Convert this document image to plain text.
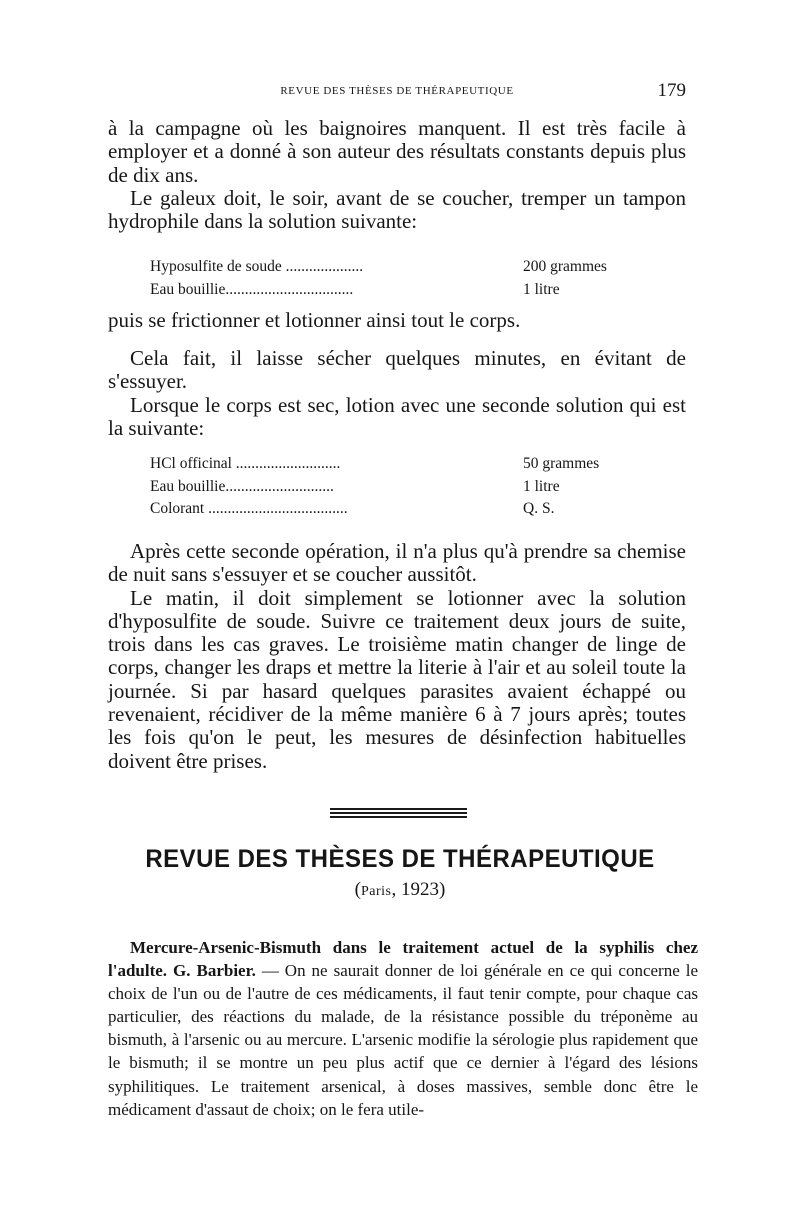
REVUE DES THÈSES DE THÉRAPEUTIQUE	179

à la campagne où les baignoires manquent. Il est très facile à employer et a donné à son auteur des résultats constants depuis plus de dix ans.

Le galeux doit, le soir, avant de se coucher, tremper un tampon hydrophile dans la solution suivante:

Hyposulfite de soude ....................	200 grammes
Eau bouillie.................................	1 litre

puis se frictionner et lotionner ainsi tout le corps.

Cela fait, il laisse sécher quelques minutes, en évitant de s'essuyer.

Lorsque le corps est sec, lotion avec une seconde solution qui est la suivante:

HCl officinal ...........................	50 grammes
Eau bouillie............................	1 litre
Colorant ....................................	Q. S.

Après cette seconde opération, il n'a plus qu'à prendre sa chemise de nuit sans s'essuyer et se coucher aussitôt.

Le matin, il doit simplement se lotionner avec la solution d'hyposulfite de soude. Suivre ce traitement deux jours de suite, trois dans les cas graves. Le troisième matin changer de linge de corps, changer les draps et mettre la literie à l'air et au soleil toute la journée. Si par hasard quelques parasites avaient échappé ou revenaient, récidiver de la même manière 6 à 7 jours après; toutes les fois qu'on le peut, les mesures de désinfection habituelles doivent être prises.

REVUE DES THÈSES DE THÉRAPEUTIQUE
(Paris, 1923)

Mercure-Arsenic-Bismuth dans le traitement actuel de la syphilis chez l'adulte. G. Barbier. — On ne saurait donner de loi générale en ce qui concerne le choix de l'un ou de l'autre de ces médicaments, il faut tenir compte, pour chaque cas particulier, des réactions du malade, de la résistance possible du tréponème au bismuth, à l'arsenic ou au mercure. L'arsenic modifie la sérologie plus rapidement que le bismuth; il se montre un peu plus actif que ce dernier à l'égard des lésions syphilitiques. Le traitement arsenical, à doses massives, semble donc être le médicament d'assaut de choix; on le fera utile-
